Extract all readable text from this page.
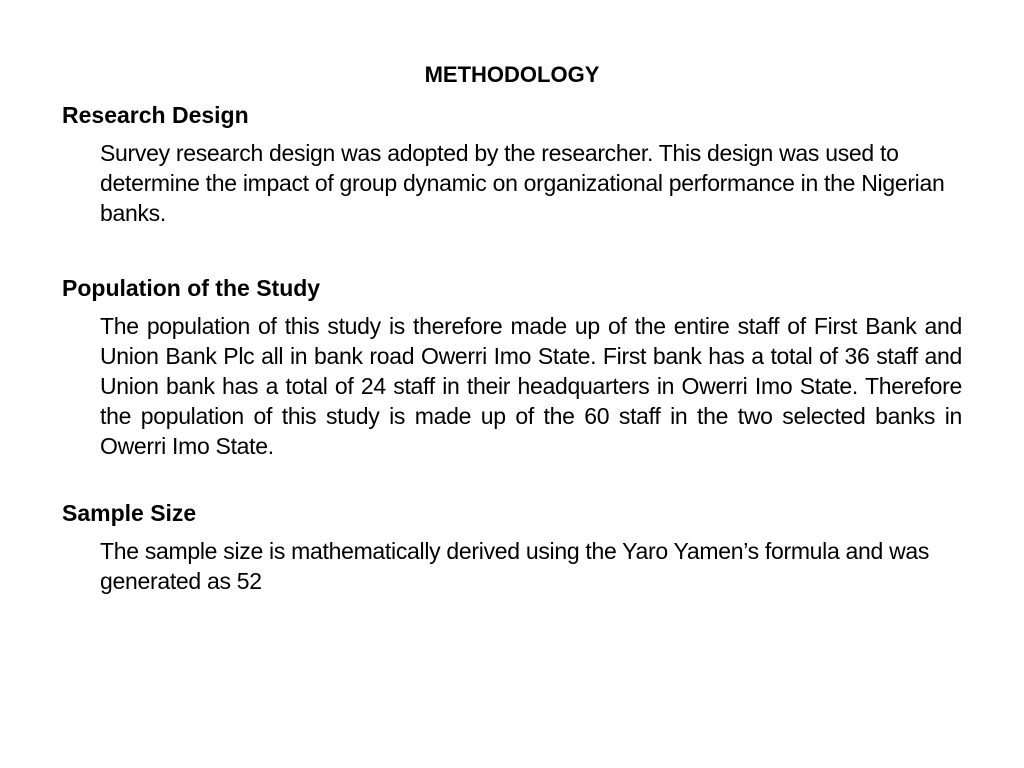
METHODOLOGY
Research Design
Survey research design was adopted by the researcher. This design was used to determine the impact of group dynamic on organizational performance in the Nigerian banks.
Population of the Study
The population of this study is therefore made up of the entire staff of First Bank and Union Bank Plc all in bank road Owerri Imo State. First bank has a total of 36 staff and Union bank has a total of 24 staff in their headquarters in Owerri Imo State. Therefore the population of this study is made up of the 60 staff in the two selected banks in Owerri Imo State.
Sample Size
The sample size is mathematically derived using the Yaro Yamen’s formula and was generated as 52
